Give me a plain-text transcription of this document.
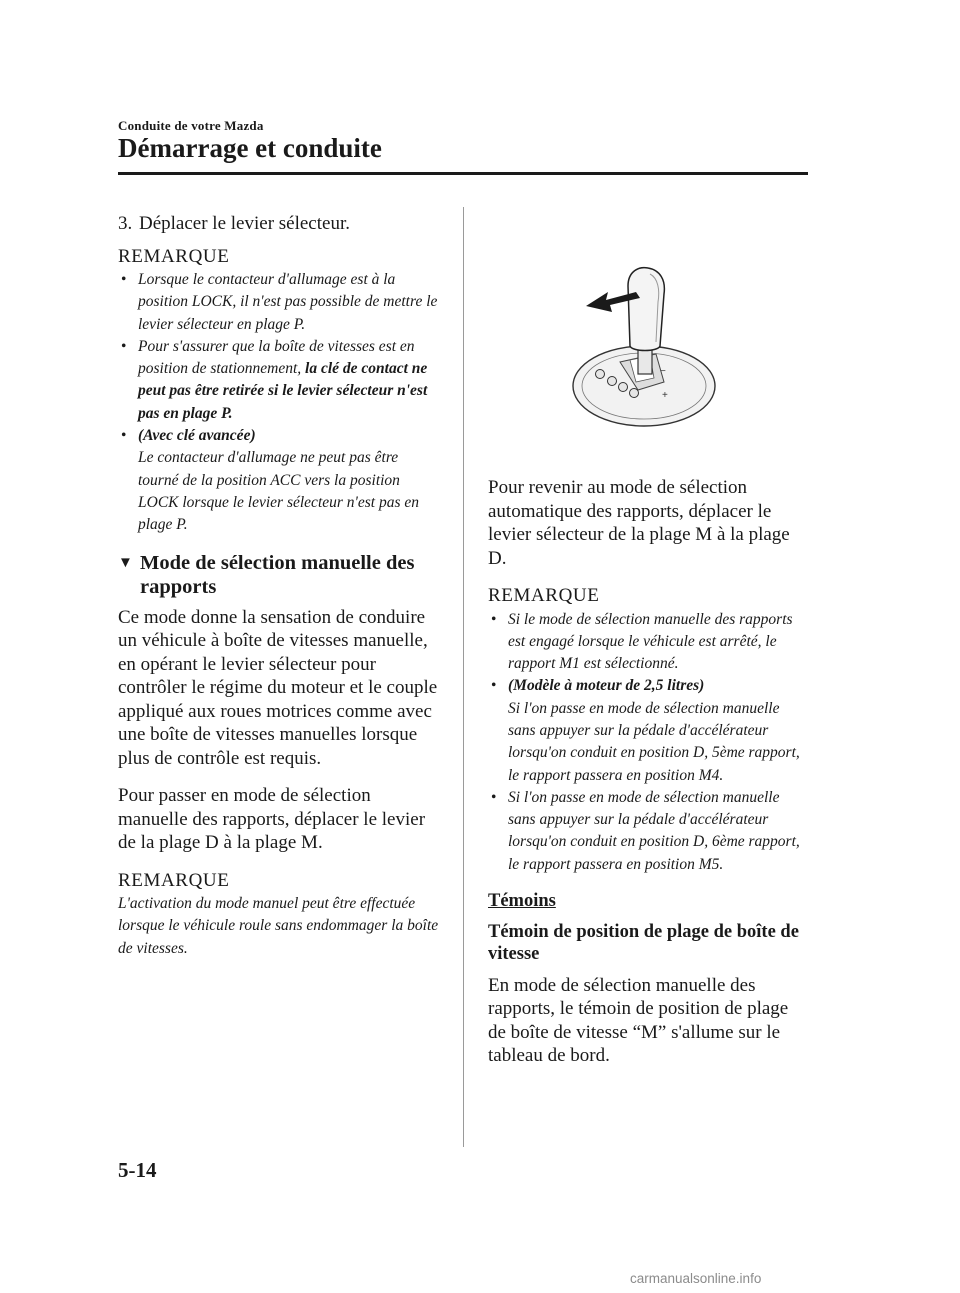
Conduite de votre Mazda
Démarrage et conduite
3. Déplacer le levier sélecteur.
REMARQUE
• Lorsque le contacteur d'allumage est à la position LOCK, il n'est pas possible de mettre le levier sélecteur en plage P.
• Pour s'assurer que la boîte de vitesses est en position de stationnement, la clé de contact ne peut pas être retirée si le levier sélecteur n'est pas en plage P.
• (Avec clé avancée)
Le contacteur d'allumage ne peut pas être tourné de la position ACC vers la position LOCK lorsque le levier sélecteur n'est pas en plage P.
▼ Mode de sélection manuelle des rapports

Ce mode donne la sensation de conduire un véhicule à boîte de vitesses manuelle, en opérant le levier sélecteur pour contrôler le régime du moteur et le couple appliqué aux roues motrices comme avec une boîte de vitesses manuelles lorsque plus de contrôle est requis.

Pour passer en mode de sélection manuelle des rapports, déplacer le levier de la plage D à la plage M.

REMARQUE

L'activation du mode manuel peut être effectuée lorsque le véhicule roule sans endommager la boîte de vitesses.

−
+

Pour revenir au mode de sélection automatique des rapports, déplacer le levier sélecteur de la plage M à la plage D.

REMARQUE
• Si le mode de sélection manuelle des rapports est engagé lorsque le véhicule est arrêté, le rapport M1 est sélectionné.
• (Modèle à moteur de 2,5 litres)
Si l'on passe en mode de sélection manuelle sans appuyer sur la pédale d'accélérateur lorsqu'on conduit en position D, 5ème rapport, le rapport passera en position M4.
• Si l'on passe en mode de sélection manuelle sans appuyer sur la pédale d'accélérateur lorsqu'on conduit en position D, 6ème rapport, le rapport passera en position M5.
Témoins
Témoin de position de plage de boîte de vitesse

En mode de sélection manuelle des rapports, le témoin de position de plage de boîte de vitesse “M” s'allume sur le tableau de bord.

5-14
carmanualsonline.info
